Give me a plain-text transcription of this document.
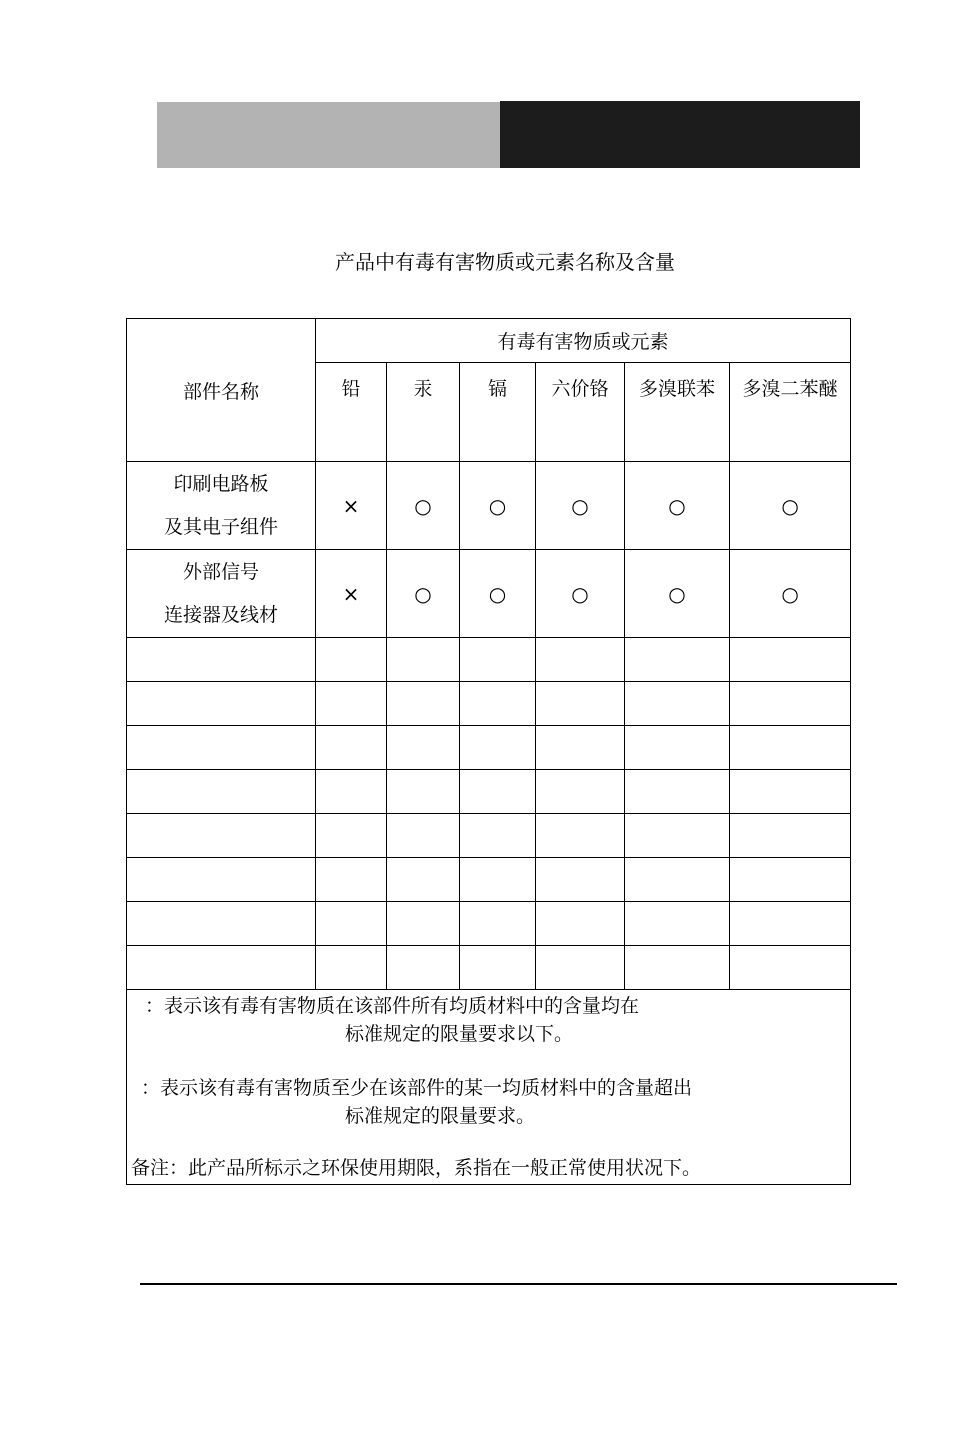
产品中有毒有害物质或元素名称及含量
部件名称	有毒有害物质或元素					
	铅	汞	镉	六价铬	多溴联苯	多溴二苯醚

印刷电路板
及其电子组件	×	○	○	○	○	○

外部信号
连接器及线材	×	○	○	○	○	○

：表示该有毒有害物质在该部件所有均质材料中的含量均在
标准规定的限量要求以下。
：表示该有毒有害物质至少在该部件的某一均质材料中的含量超出
标准规定的限量要求。
备注：此产品所标示之环保使用期限，系指在一般正常使用状况下。						
